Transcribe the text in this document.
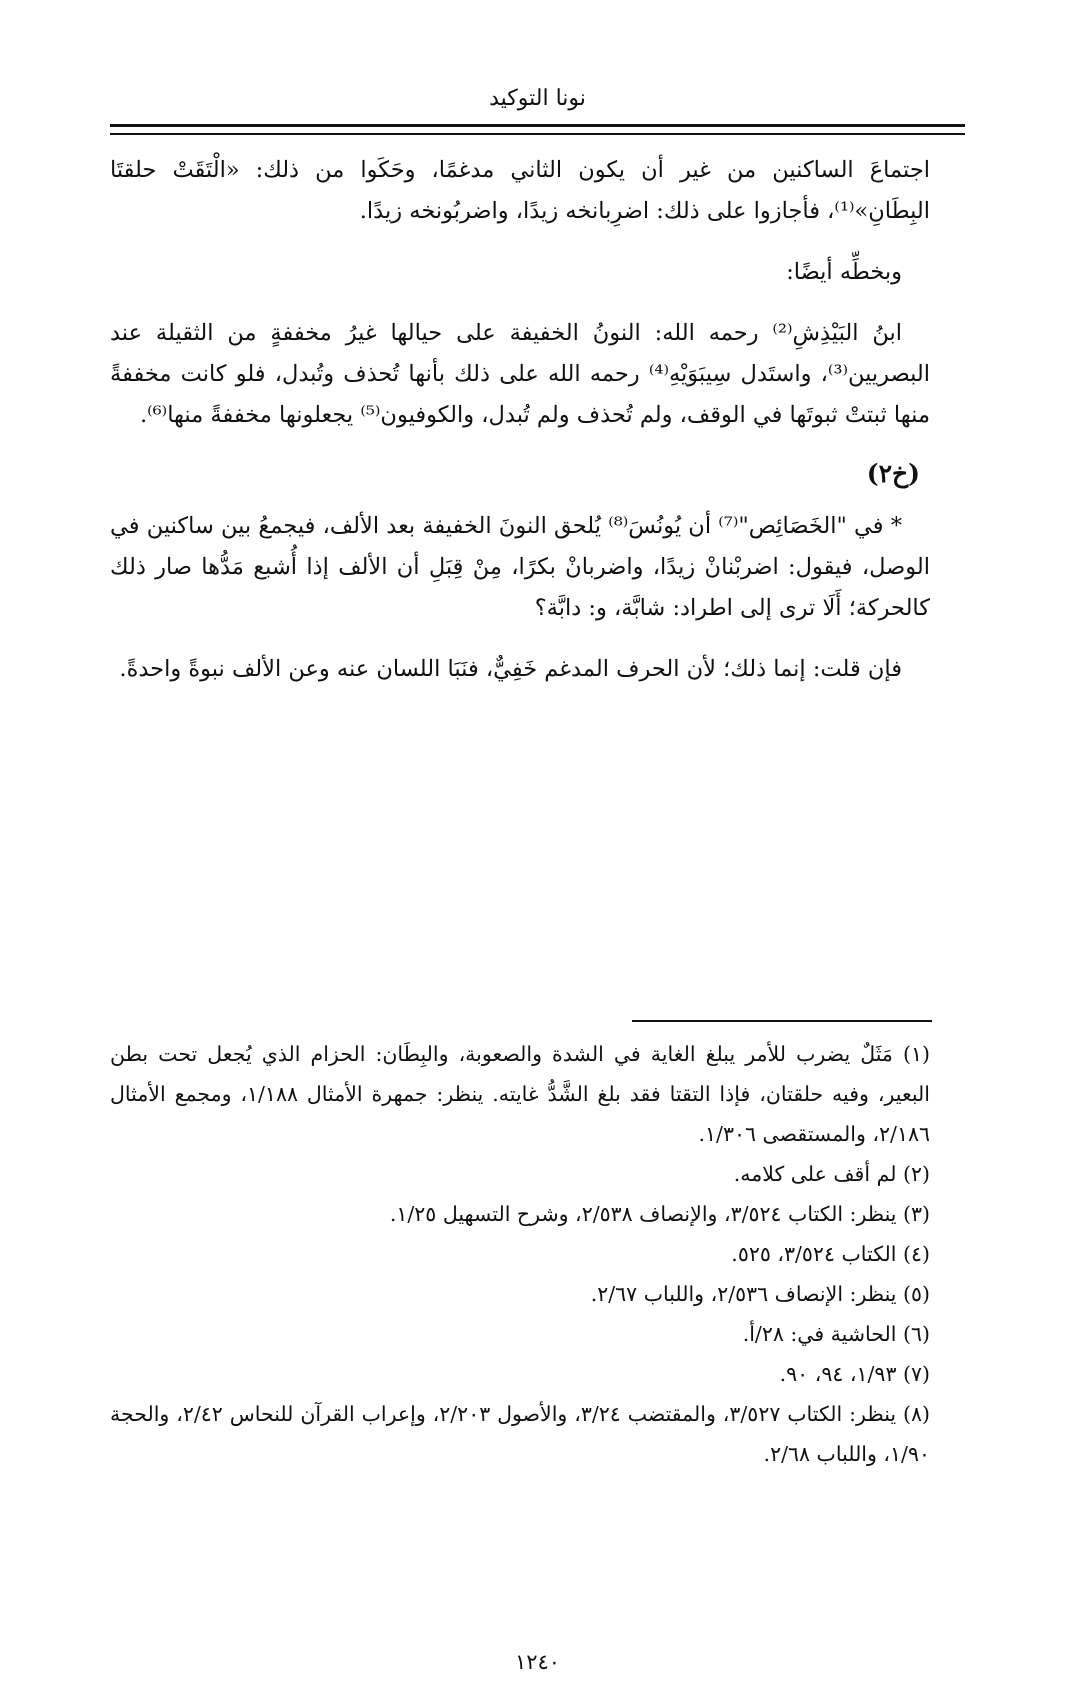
نونا التوكيد

اجتماعَ الساكنين من غير أن يكون الثاني مدغمًا، وحَكَوا من ذلك: «الْتَقَتْ حلقتَا البِطَانِ»⁽¹⁾، فأجازوا على ذلك: اضرِبانخه زيدًا، واضربُونخه زيدًا.

وبخطِّه أيضًا:

ابنُ البَيْذِشِ⁽²⁾ رحمه الله: النونُ الخفيفة على حيالها غيرُ مخففةٍ من الثقيلة عند البصريين⁽³⁾، واستَدل سِيبَوَيْهِ⁽⁴⁾ رحمه الله على ذلك بأنها تُحذف وتُبدل، فلو كانت مخففةً منها ثبتتْ ثبوتَها في الوقف، ولم تُحذف ولم تُبدل، والكوفيون⁽⁵⁾ يجعلونها مخففةً منها⁽⁶⁾.

(خ٢)

* في "الخَصَائِص"⁽⁷⁾ أن يُونُسَ⁽⁸⁾ يُلحق النونَ الخفيفة بعد الألف، فيجمعُ بين ساكنين في الوصل، فيقول: اضربْنانْ زيدًا، واضربانْ بكرًا، مِنْ قِبَلِ أن الألف إذا أُشبع مَدُّها صار ذلك كالحركة؛ أَلَا ترى إلى اطراد: شابَّة، و: دابَّة؟

فإن قلت: إنما ذلك؛ لأن الحرف المدغم خَفِيٌّ، فنَبَا اللسان عنه وعن الألف نبوةً واحدةً.

(١) مَثَلٌ يضرب للأمر يبلغ الغاية في الشدة والصعوبة، والبِطَان: الحزام الذي يُجعل تحت بطن البعير، وفيه حلقتان، فإذا التقتا فقد بلغ الشَّدُّ غايته. ينظر: جمهرة الأمثال ١/١٨٨، ومجمع الأمثال ٢/١٨٦، والمستقصى ١/٣٠٦.

(٢) لم أقف على كلامه.

(٣) ينظر: الكتاب ٣/٥٢٤، والإنصاف ٢/٥٣٨، وشرح التسهيل ١/٢٥.

(٤) الكتاب ٣/٥٢٤، ٥٢٥.

(٥) ينظر: الإنصاف ٢/٥٣٦، واللباب ٢/٦٧.

(٦) الحاشية في: ٢٨/أ.

(٧) ١/٩٣، ٩٤، ٩٠.

(٨) ينظر: الكتاب ٣/٥٢٧، والمقتضب ٣/٢٤، والأصول ٢/٢٠٣، وإعراب القرآن للنحاس ٢/٤٢، والحجة ١/٩٠، واللباب ٢/٦٨.

١٢٤٠
